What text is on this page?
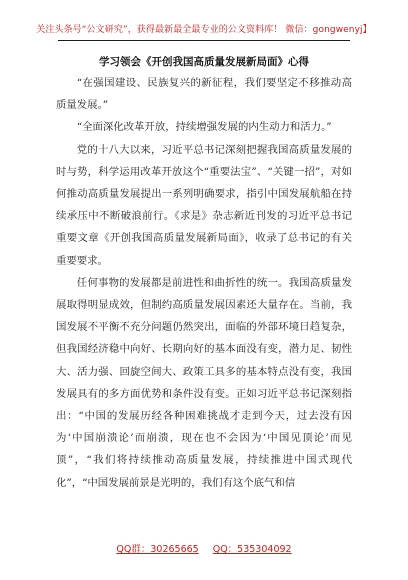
关注头条号“公文研究”，获得最新最全最专业的公文资料库！ 微信：gongwenyj】
学习领会《开创我国高质量发展新局面》心得

“在强国建设、民族复兴的新征程，我们要坚定不移推动高质量发展。”

“全面深化改革开放，持续增强发展的内生动力和活力。”

党的十八大以来，习近平总书记深刻把握我国高质量发展的时与势，科学运用改革开放这个“重要法宝”、“关键一招”，对如何推动高质量发展提出一系列明确要求，指引中国发展航船在持续承压中不断破浪前行。《求是》杂志新近刊发的习近平总书记重要文章《开创我国高质量发展新局面》，收录了总书记的有关重要要求。

任何事物的发展都是前进性和曲折性的统一。我国高质量发展取得明显成效，但制约高质量发展因素还大量存在。当前，我国发展不平衡不充分问题仍然突出，面临的外部环境日趋复杂，但我国经济稳中向好、长期向好的基本面没有变，潜力足、韧性大、活力强、回旋空间大、政策工具多的基本特点没有变，我国发展具有的多方面优势和条件没有变。正如习近平总书记深刻指出：“中国的发展历经各种困难挑战才走到今天，过去没有因为‘中国崩溃论’而崩溃，现在也不会因为‘中国见顶论’而见顶”，“我们将持续推动高质量发展，持续推进中国式现代化”，“中国发展前景是光明的，我们有这个底气和信

QQ群：30265665 QQ：535304092
